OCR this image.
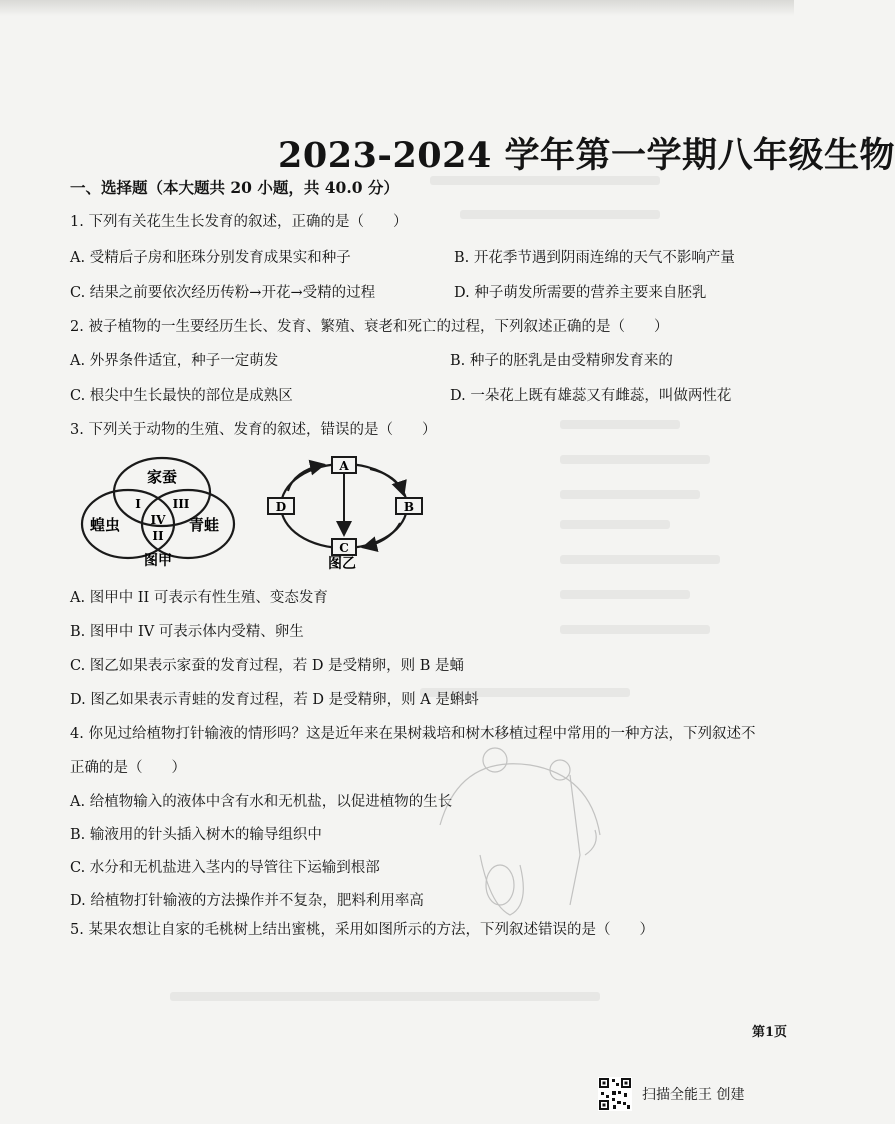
2023-2024 学年第一学期八年级生物
一、选择题（本大题共 20 小题，共 40.0 分）
1. 下列有关花生生长发育的叙述，正确的是（　　）
A. 受精后子房和胚珠分别发育成果实和种子	B. 开花季节遇到阴雨连绵的天气不影响产量
C. 结果之前要依次经历传粉→开花→受精的过程	D. 种子萌发所需要的营养主要来自胚乳
2. 被子植物的一生要经历生长、发育、繁殖、衰老和死亡的过程，下列叙述正确的是（　　）
A. 外界条件适宜，种子一定萌发	B. 种子的胚乳是由受精卵发育来的
C. 根尖中生长最快的部位是成熟区	D. 一朵花上既有雄蕊又有雌蕊，叫做两性花
3. 下列关于动物的生殖、发育的叙述，错误的是（　　）
家蚕
蝗虫	青蛙
I
II
III
IV
图甲
A
B
C
D
图乙
A. 图甲中 II 可表示有性生殖、变态发育
B. 图甲中 IV 可表示体内受精、卵生
C. 图乙如果表示家蚕的发育过程，若 D 是受精卵，则 B 是蛹
D. 图乙如果表示青蛙的发育过程，若 D 是受精卵，则 A 是蝌蚪
4. 你见过给植物打针输液的情形吗？这是近年来在果树栽培和树木移植过程中常用的一种方法，下列叙述不
正确的是（　　）
A. 给植物输入的液体中含有水和无机盐，以促进植物的生长
B. 输液用的针头插入树木的输导组织中
C. 水分和无机盐进入茎内的导管往下运输到根部
D. 给植物打针输液的方法操作并不复杂，肥料利用率高
5. 某果农想让自家的毛桃树上结出蜜桃，采用如图所示的方法，下列叙述错误的是（　　）
第1页
扫描全能王 创建
